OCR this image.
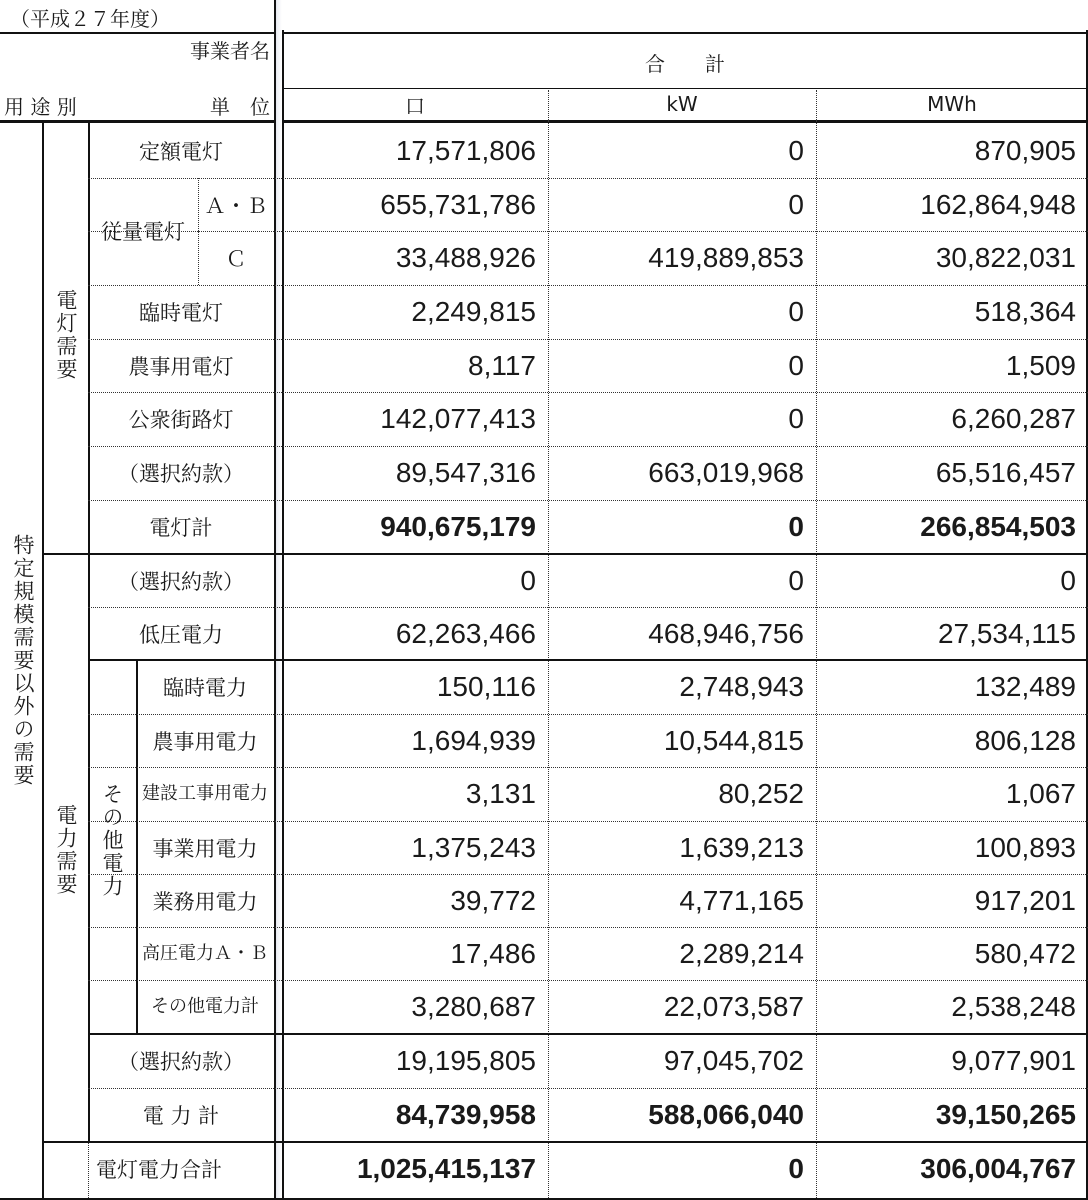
（平成２７年度）
事業者名
用 途 別	単　位
合　　計
口	kW	MWh
特定規模需要以外の需要
電灯需要
電力需要	その他電力
従量電灯
定額電灯	17,571,806	0	870,905
Ａ・Ｂ	655,731,786	0	162,864,948
Ｃ	33,488,926	419,889,853	30,822,031
臨時電灯	2,249,815	0	518,364
農事用電灯	8,117	0	1,509
公衆街路灯	142,077,413	0	6,260,287
（選択約款）	89,547,316	663,019,968	65,516,457
電灯計	940,675,179	0	266,854,503
（選択約款）	0	0	0
低圧電力	62,263,466	468,946,756	27,534,115
臨時電力	150,116	2,748,943	132,489
農事用電力	1,694,939	10,544,815	806,128
建設工事用電力	3,131	80,252	1,067
事業用電力	1,375,243	1,639,213	100,893
業務用電力	39,772	4,771,165	917,201
高圧電力Ａ・Ｂ	17,486	2,289,214	580,472
その他電力計	3,280,687	22,073,587	2,538,248
（選択約款）	19,195,805	97,045,702	9,077,901
電 力 計	84,739,958	588,066,040	39,150,265
電灯電力合計	1,025,415,137	0	306,004,767
